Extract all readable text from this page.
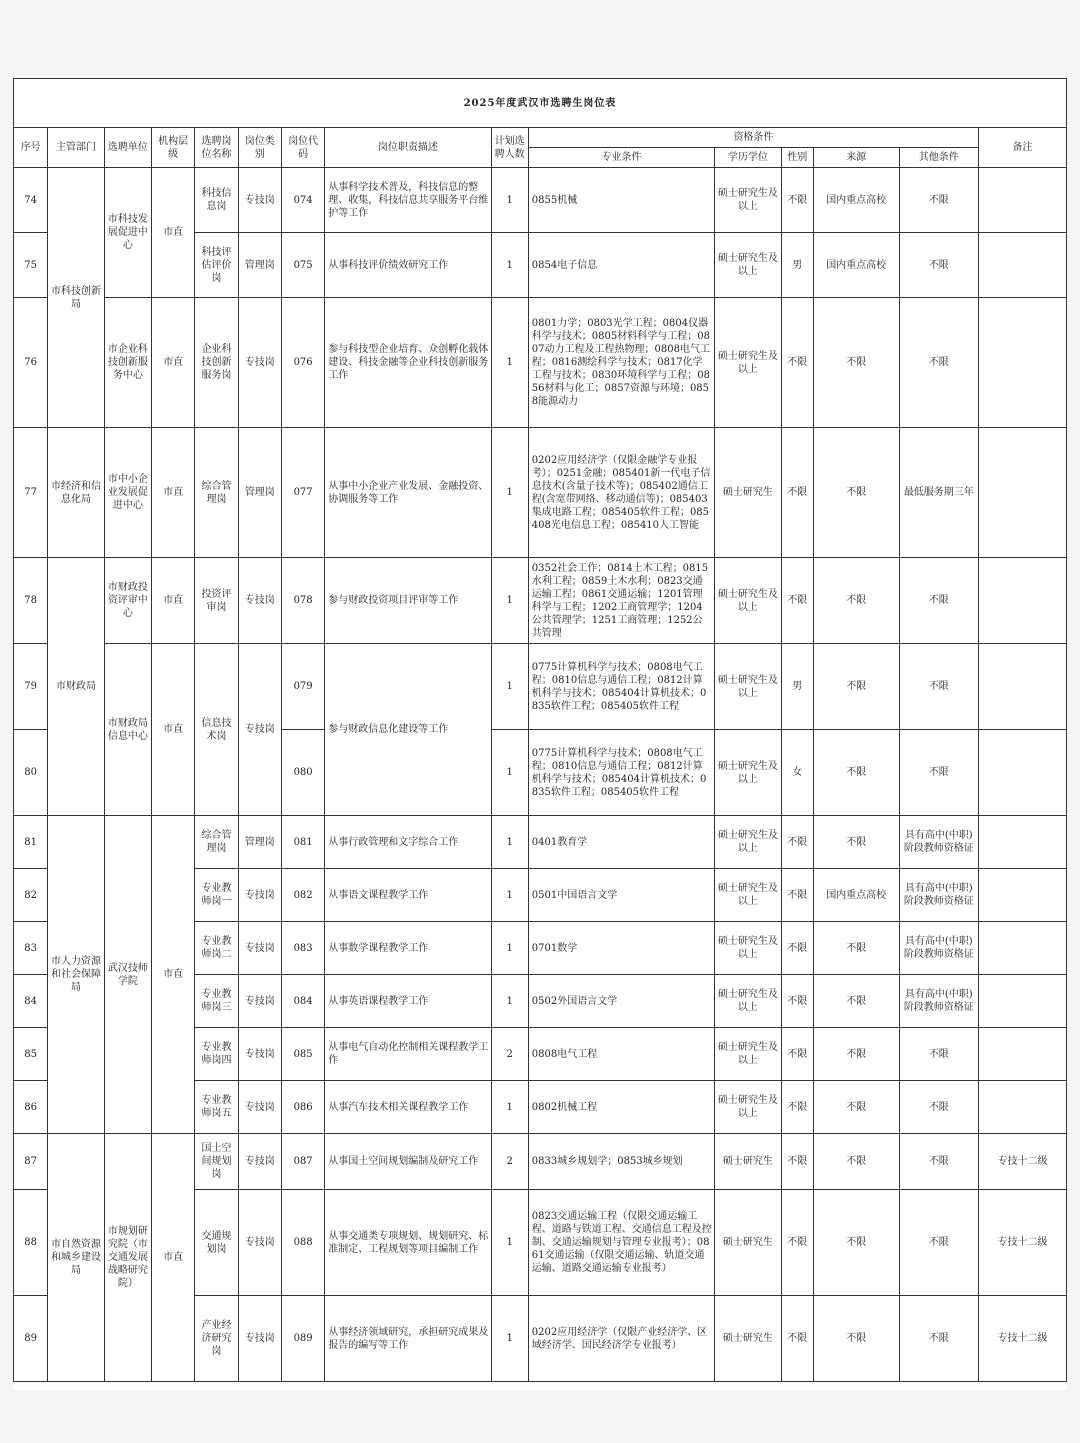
2025年度武汉市选聘生岗位表														
序号	主管部门	选聘单位	机构层级	选聘岗位名称	岗位类别	岗位代码	岗位职责描述	计划选聘人数	资格条件					备注
									专业条件	学历学位	性别	来源	其他条件	
74	市科技创新局	市科技发展促进中心	市直	科技信息岗	专技岗	074	从事科学技术普及，科技信息的整理、收集，科技信息共享服务平台维护等工作	1	0855机械	硕士研究生及以上	不限	国内重点高校	不限	
75				科技评估评价岗	管理岗	075	从事科技评价绩效研究工作	1	0854电子信息	硕士研究生及以上	男	国内重点高校	不限	
76		市企业科技创新服务中心	市直	企业科技创新服务岗	专技岗	076	参与科技型企业培育、众创孵化载体建设、科技金融等企业科技创新服务工作	1	0801力学；0803光学工程；0804仪器科学与技术；0805材料科学与工程；0807动力工程及工程热物理；0808电气工程；0816测绘科学与技术；0817化学工程与技术；0830环境科学与工程；0856材料与化工；0857资源与环境；0858能源动力	硕士研究生及以上	不限	不限	不限	
77	市经济和信息化局	市中小企业发展促进中心	市直	综合管理岗	管理岗	077	从事中小企业产业发展、金融投资、协调服务等工作	1	0202应用经济学（仅限金融学专业报考）；0251金融；085401新一代电子信息技术(含量子技术等)；085402通信工程(含宽带网络、移动通信等)；085403集成电路工程；085405软件工程；085408光电信息工程；085410人工智能	硕士研究生	不限	不限	最低服务期三年	
78	市财政局	市财政投资评审中心	市直	投资评审岗	专技岗	078	参与财政投资项目评审等工作	1	0352社会工作；0814土木工程；0815水利工程；0859土木水利；0823交通运输工程；0861交通运输；1201管理科学与工程；1202工商管理学；1204公共管理学；1251工商管理；1252公共管理	硕士研究生及以上	不限	不限	不限	
79		市财政局信息中心	市直	信息技术岗	专技岗	079	参与财政信息化建设等工作	1	0775计算机科学与技术；0808电气工程；0810信息与通信工程；0812计算机科学与技术；085404计算机技术；0835软件工程；085405软件工程	硕士研究生及以上	男	不限	不限	
80						080		1	0775计算机科学与技术；0808电气工程；0810信息与通信工程；0812计算机科学与技术；085404计算机技术；0835软件工程；085405软件工程	硕士研究生及以上	女	不限	不限	
81	市人力资源和社会保障局	武汉技师学院	市直	综合管理岗	管理岗	081	从事行政管理和文字综合工作	1	0401教育学	硕士研究生及以上	不限	不限	具有高中(中职)阶段教师资格证	
82				专业教师岗一	专技岗	082	从事语文课程教学工作	1	0501中国语言文学	硕士研究生及以上	不限	国内重点高校	具有高中(中职)阶段教师资格证	
83				专业教师岗二	专技岗	083	从事数学课程教学工作	1	0701数学	硕士研究生及以上	不限	不限	具有高中(中职)阶段教师资格证	
84				专业教师岗三	专技岗	084	从事英语课程教学工作	1	0502外国语言文学	硕士研究生及以上	不限	不限	具有高中(中职)阶段教师资格证	
85				专业教师岗四	专技岗	085	从事电气自动化控制相关课程教学工作	2	0808电气工程	硕士研究生及以上	不限	不限	不限	
86				专业教师岗五	专技岗	086	从事汽车技术相关课程教学工作	1	0802机械工程	硕士研究生及以上	不限	不限	不限	
87	市自然资源和城乡建设局	市规划研究院（市交通发展战略研究院）	市直	国土空间规划岗	专技岗	087	从事国土空间规划编制及研究工作	2	0833城乡规划学；0853城乡规划	硕士研究生	不限	不限	不限	专技十二级
88				交通规划岗	专技岗	088	从事交通类专项规划、规划研究、标准制定、工程规划等项目编制工作	1	0823交通运输工程（仅限交通运输工程、道路与铁道工程、交通信息工程及控制、交通运输规划与管理专业报考）；0861交通运输（仅限交通运输、轨道交通运输、道路交通运输专业报考）	硕士研究生	不限	不限	不限	专技十二级
89				产业经济研究岗	专技岗	089	从事经济领域研究，承担研究成果及报告的编写等工作	1	0202应用经济学（仅限产业经济学、区域经济学、国民经济学专业报考）	硕士研究生	不限	不限	不限	专技十二级
